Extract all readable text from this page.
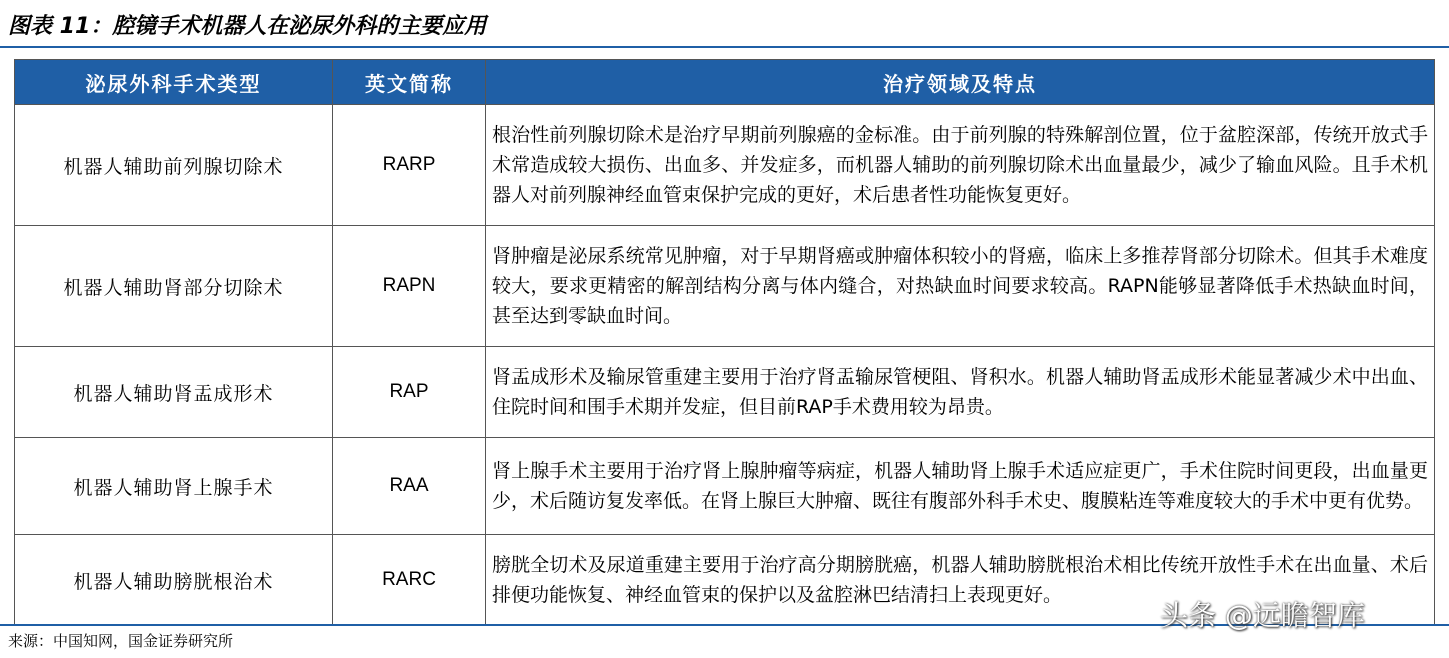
图表 11：腔镜手术机器人在泌尿外科的主要应用
泌尿外科手术类型	英文简称	治疗领域及特点
机器人辅助前列腺切除术	RARP	根治性前列腺切除术是治疗早期前列腺癌的金标准。由于前列腺的特殊解剖位置，位于盆腔深部，传统开放式手术常造成较大损伤、出血多、并发症多，而机器人辅助的前列腺切除术出血量最少，减少了输血风险。且手术机器人对前列腺神经血管束保护完成的更好，术后患者性功能恢复更好。
机器人辅助肾部分切除术	RAPN	肾肿瘤是泌尿系统常见肿瘤，对于早期肾癌或肿瘤体积较小的肾癌，临床上多推荐肾部分切除术。但其手术难度较大，要求更精密的解剖结构分离与体内缝合，对热缺血时间要求较高。RAPN能够显著降低手术热缺血时间，甚至达到零缺血时间。
机器人辅助肾盂成形术	RAP	肾盂成形术及输尿管重建主要用于治疗肾盂输尿管梗阻、肾积水。机器人辅助肾盂成形术能显著减少术中出血、住院时间和围手术期并发症，但目前RAP手术费用较为昂贵。
机器人辅助肾上腺手术	RAA	肾上腺手术主要用于治疗肾上腺肿瘤等病症，机器人辅助肾上腺手术适应症更广，手术住院时间更段，出血量更少，术后随访复发率低。在肾上腺巨大肿瘤、既往有腹部外科手术史、腹膜粘连等难度较大的手术中更有优势。
机器人辅助膀胱根治术	RARC	膀胱全切术及尿道重建主要用于治疗高分期膀胱癌，机器人辅助膀胱根治术相比传统开放性手术在出血量、术后排便功能恢复、神经血管束的保护以及盆腔淋巴结清扫上表现更好。
来源：中国知网，国金证券研究所
头条 @远瞻智库
